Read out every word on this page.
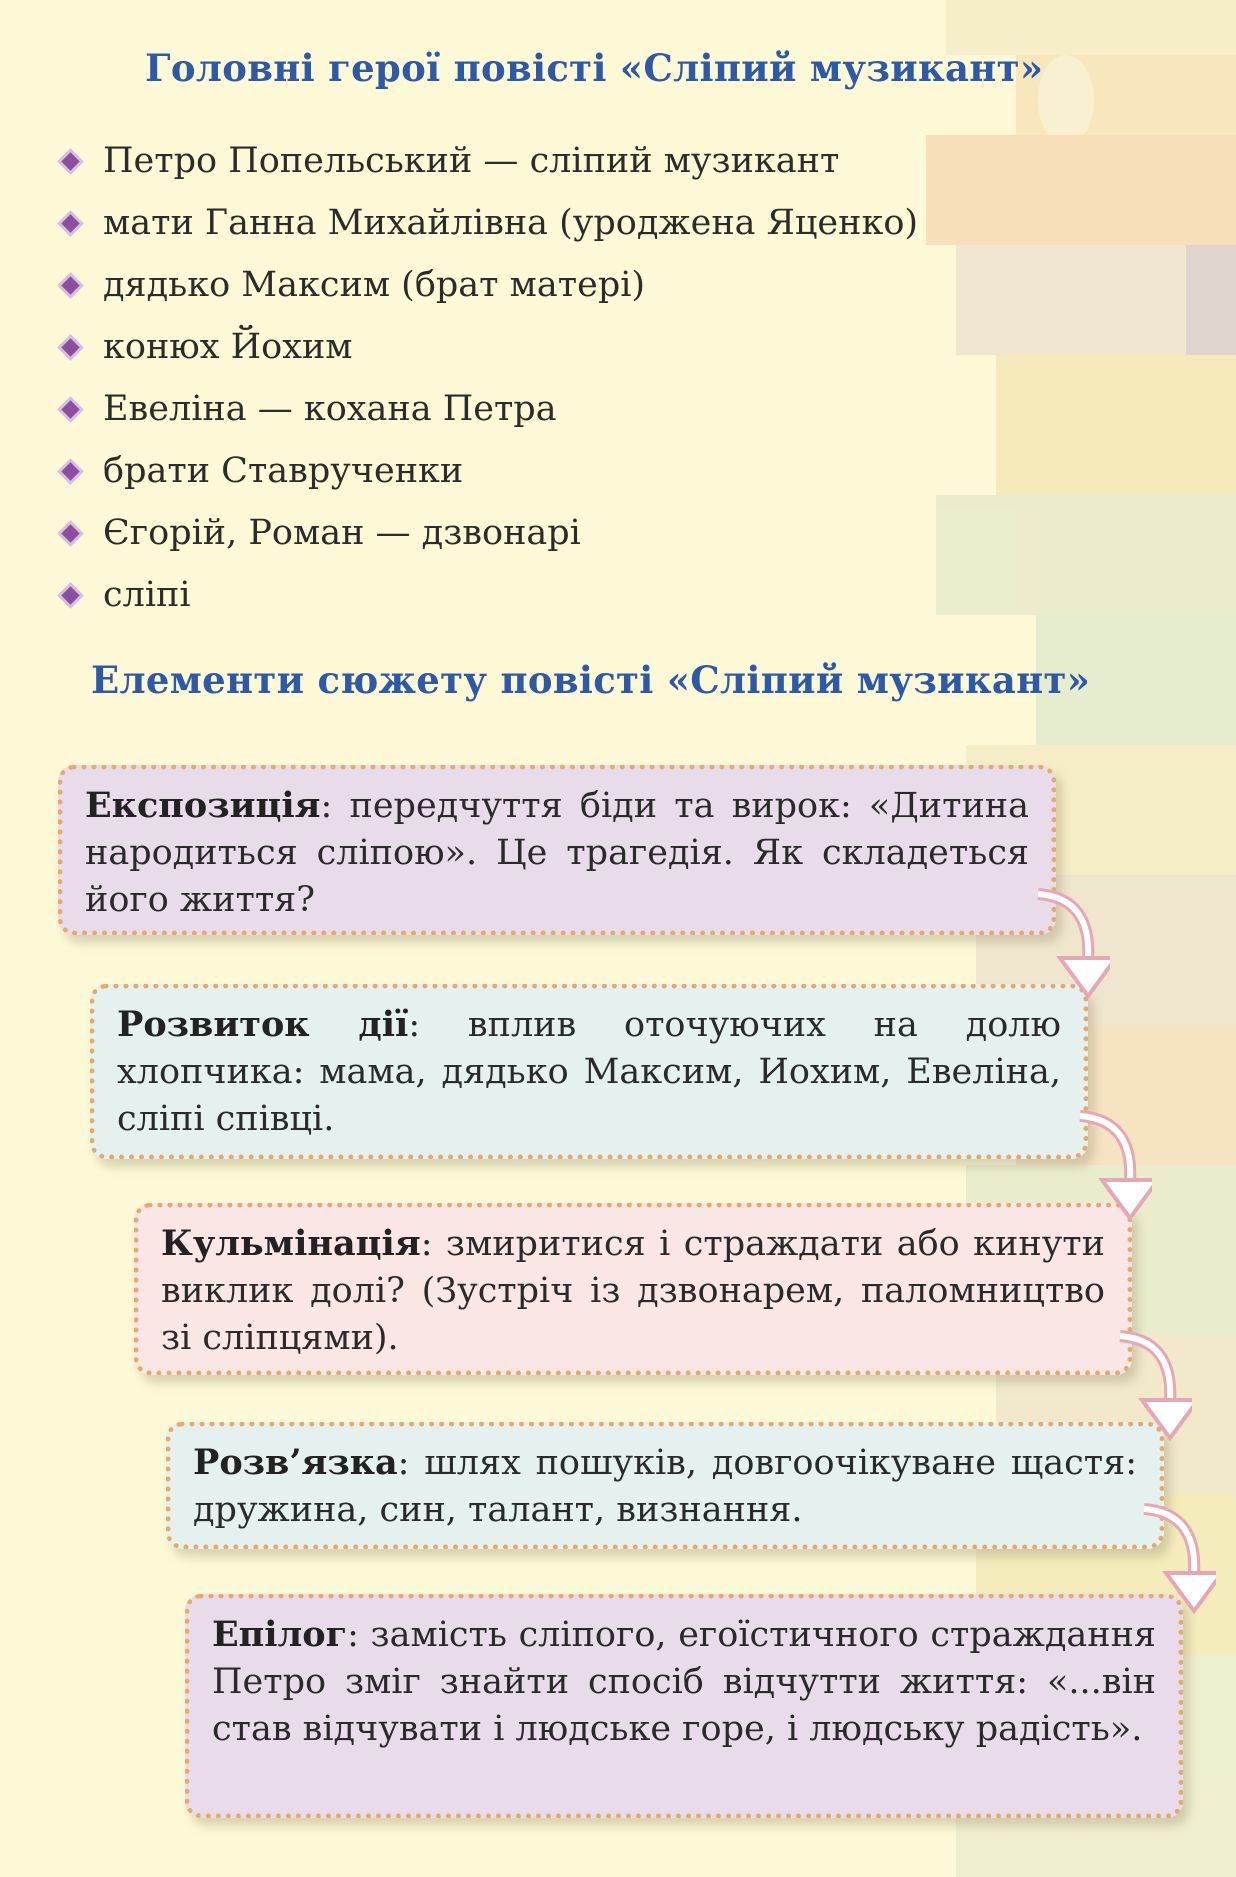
Головні герої повісті «Сліпий музикант»
Петро Попельський — сліпий музикант
мати Ганна Михайлівна (уроджена Яценко)
дядько Максим (брат матері)
конюх Йохим
Евеліна — кохана Петра
брати Ставрученки
Єгорій, Роман — дзвонарі
сліпі
Елементи сюжету повісті «Сліпий музикант»
Експозиція: передчуття біди та вирок: «Дитина народиться сліпою». Це трагедія. Як складеться його життя?
Розвиток дії: вплив оточуючих на долю хлопчика: мама, дядько Максим, Иохим, Евеліна, сліпі співці.
Кульмінація: змиритися і страждати або кинути виклик долі? (Зустріч із дзвонарем, паломництво зі сліпцями).
Розв’язка: шлях пошуків, довгоочікуване щастя: дружина, син, талант, визнання.
Епілог: замість сліпого, егоїстичного страждання Петро зміг знайти спосіб відчутти життя: «...він став відчувати і людське горе, і людську радість».
